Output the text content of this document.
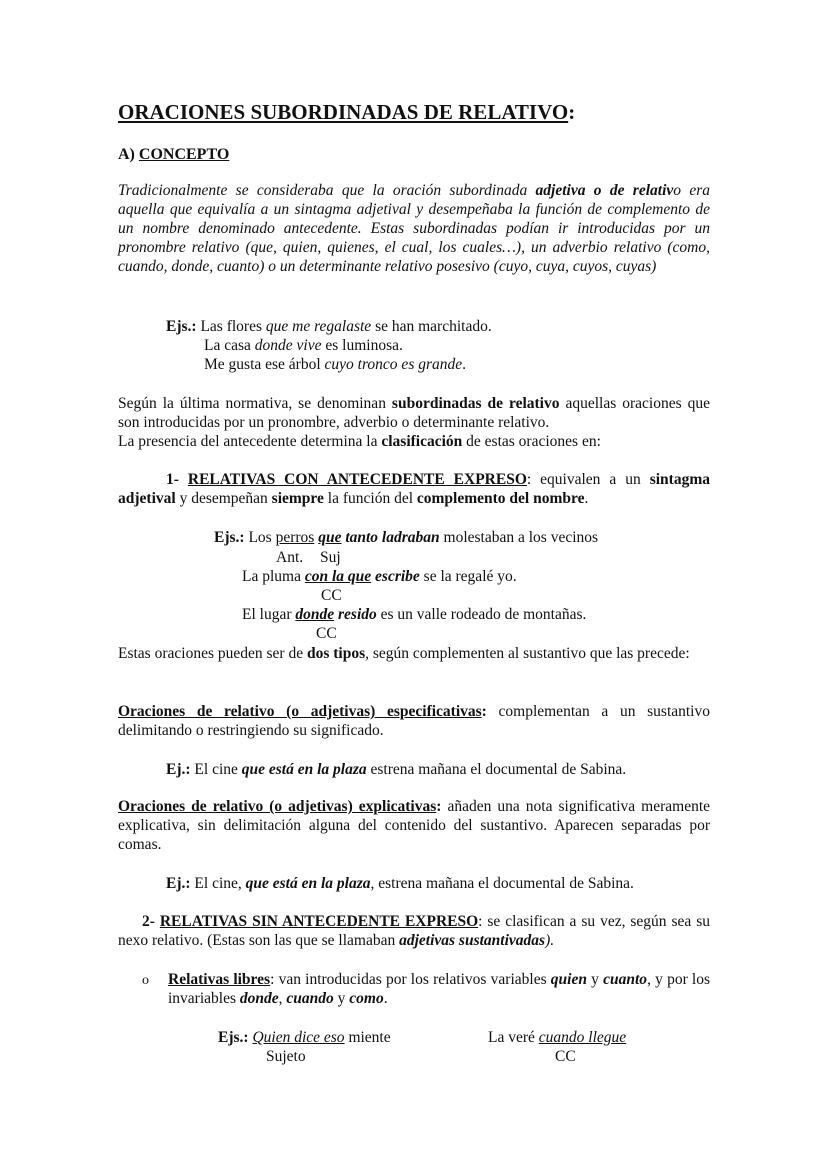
ORACIONES SUBORDINADAS DE RELATIVO:
A) CONCEPTO
Tradicionalmente se consideraba que la oración subordinada adjetiva o de relativo era aquella que equivalía a un sintagma adjetival y desempeñaba la función de complemento de un nombre denominado antecedente. Estas subordinadas podían ir introducidas por un pronombre relativo (que, quien, quienes, el cual, los cuales…), un adverbio relativo (como, cuando, donde, cuanto) o un determinante relativo posesivo (cuyo, cuya, cuyos, cuyas)
Ejs.: Las flores que me regalaste se han marchitado.
La casa donde vive es luminosa.
Me gusta ese árbol cuyo tronco es grande.
Según la última normativa, se denominan subordinadas de relativo aquellas oraciones que son introducidas por un pronombre, adverbio o determinante relativo.
La presencia del antecedente determina la clasificación de estas oraciones en:
1- RELATIVAS CON ANTECEDENTE EXPRESO: equivalen a un sintagma adjetival y desempeñan siempre la función del complemento del nombre.
Ejs.: Los perros que tanto ladraban molestaban a los vecinos
Ant. Suj
La pluma con la que escribe se la regalé yo.
CC
El lugar donde resido es un valle rodeado de montañas.
CC
Estas oraciones pueden ser de dos tipos, según complementen al sustantivo que las precede:
Oraciones de relativo (o adjetivas) especificativas: complementan a un sustantivo delimitando o restringiendo su significado.
Ej.: El cine que está en la plaza estrena mañana el documental de Sabina.
Oraciones de relativo (o adjetivas) explicativas: añaden una nota significativa meramente explicativa, sin delimitación alguna del contenido del sustantivo. Aparecen separadas por comas.
Ej.: El cine, que está en la plaza, estrena mañana el documental de Sabina.
2- RELATIVAS SIN ANTECEDENTE EXPRESO: se clasifican a su vez, según sea su nexo relativo. (Estas son las que se llamaban adjetivas sustantivadas).
o Relativas libres: van introducidas por los relativos variables quien y cuanto, y por los invariables donde, cuando y como.
Ejs.: Quien dice eso miente
Sujeto
La veré cuando llegue
CC
